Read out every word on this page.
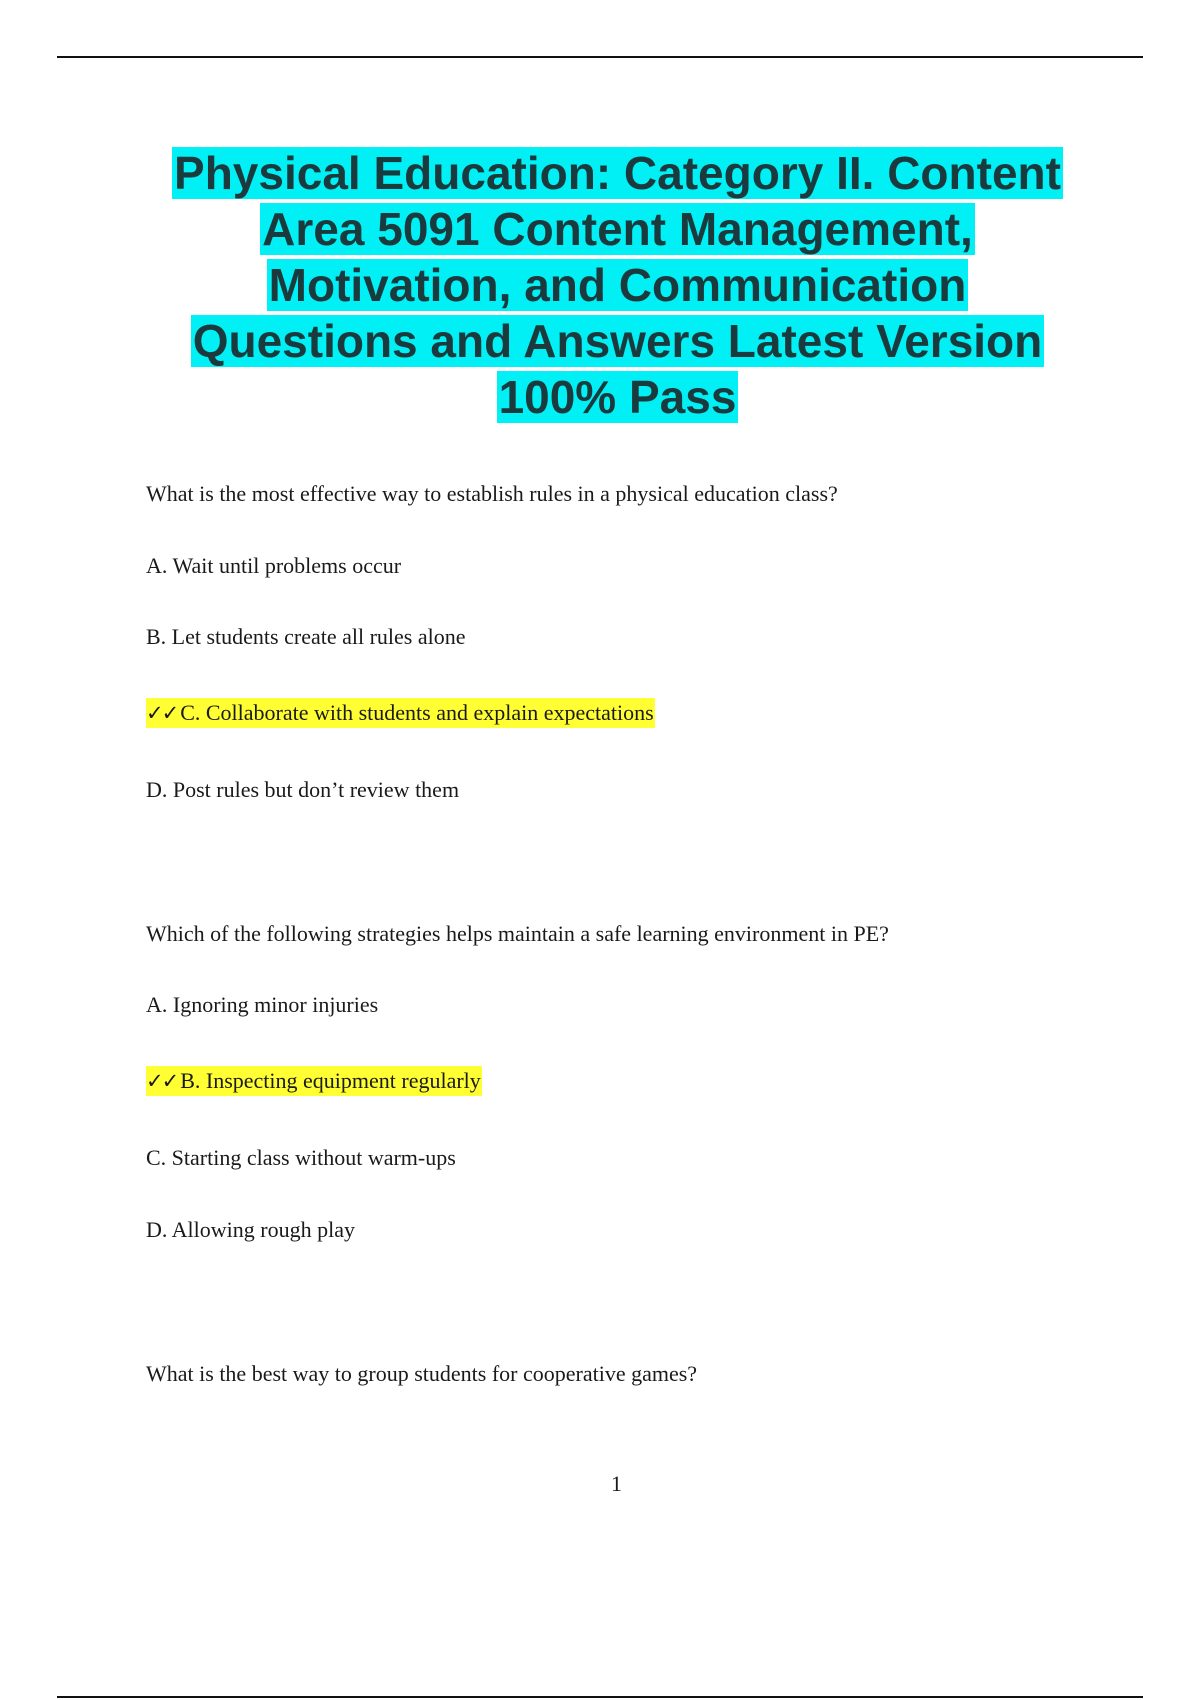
Physical Education: Category II. Content
Area 5091 Content Management,
Motivation, and Communication
Questions and Answers Latest Version
100% Pass
What is the most effective way to establish rules in a physical education class?
A. Wait until problems occur
B. Let students create all rules alone
✓✓ C. Collaborate with students and explain expectations
D. Post rules but don’t review them
Which of the following strategies helps maintain a safe learning environment in PE?
A. Ignoring minor injuries
✓✓ B. Inspecting equipment regularly
C. Starting class without warm-ups
D. Allowing rough play
What is the best way to group students for cooperative games?
1
